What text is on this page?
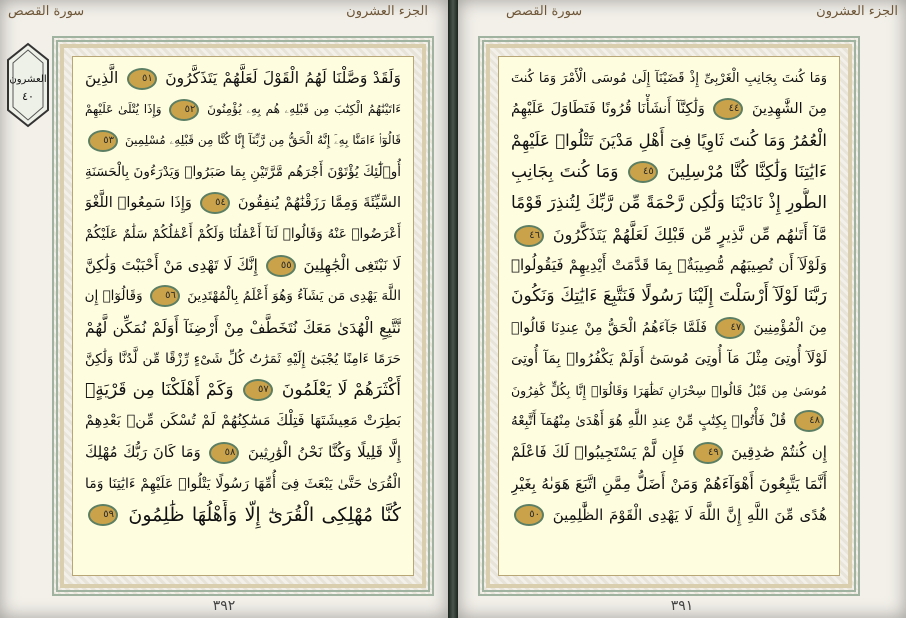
سورة القصص	الجزء العشرون
العشرون
٤٠
وَلَقَدْ وَصَّلْنَا لَهُمُ الْقَوْلَ لَعَلَّهُمْ يَتَذَكَّرُونَ ٥١ الَّذِينَ
ءَاتَيْنَٰهُمُ الْكِتَٰبَ مِن قَبْلِهِۦ هُم بِهِۦ يُؤْمِنُونَ ٥٢ وَإِذَا يُتْلَىٰ عَلَيْهِمْ
قَالُوٓا۟ ءَامَنَّا بِهِۦٓ إِنَّهُ الْحَقُّ مِن رَّبِّنَآ إِنَّا كُنَّا مِن قَبْلِهِۦ مُسْلِمِينَ ٥٣
أُو۟لَٰٓئِكَ يُؤْتَوْنَ أَجْرَهُم مَّرَّتَيْنِ بِمَا صَبَرُوا۟ وَيَدْرَءُونَ بِالْحَسَنَةِ
السَّيِّئَةَ وَمِمَّا رَزَقْنَٰهُمْ يُنفِقُونَ ٥٤ وَإِذَا سَمِعُوا۟ اللَّغْوَ
أَعْرَضُوا۟ عَنْهُ وَقَالُوا۟ لَنَآ أَعْمَٰلُنَا وَلَكُمْ أَعْمَٰلُكُمْ سَلَٰمٌ عَلَيْكُمْ
لَا نَبْتَغِى الْجَٰهِلِينَ ٥٥ إِنَّكَ لَا تَهْدِى مَنْ أَحْبَبْتَ وَلَٰكِنَّ
اللَّهَ يَهْدِى مَن يَشَآءُ وَهُوَ أَعْلَمُ بِالْمُهْتَدِينَ ٥٦ وَقَالُوٓا۟ إِن
نَّتَّبِعِ الْهُدَىٰ مَعَكَ نُتَخَطَّفْ مِنْ أَرْضِنَآ أَوَلَمْ نُمَكِّن لَّهُمْ
حَرَمًا ءَامِنًا يُجْبَىٰٓ إِلَيْهِ ثَمَرَٰتُ كُلِّ شَىْءٍ رِّزْقًا مِّن لَّدُنَّا وَلَٰكِنَّ
أَكْثَرَهُمْ لَا يَعْلَمُونَ ٥٧ وَكَمْ أَهْلَكْنَا مِن قَرْيَةٍۭ
بَطِرَتْ مَعِيشَتَهَا فَتِلْكَ مَسَٰكِنُهُمْ لَمْ تُسْكَن مِّنۢ بَعْدِهِمْ
إِلَّا قَلِيلًا وَكُنَّا نَحْنُ الْوَٰرِثِينَ ٥٨ وَمَا كَانَ رَبُّكَ مُهْلِكَ
الْقُرَىٰ حَتَّىٰ يَبْعَثَ فِىٓ أُمِّهَا رَسُولًا يَتْلُوا۟ عَلَيْهِمْ ءَايَٰتِنَا وَمَا
كُنَّا مُهْلِكِى الْقُرَىٰٓ إِلَّا وَأَهْلُهَا ظَٰلِمُونَ ٥٩
٣٩٢
سورة القصص	الجزء العشرون
وَمَا كُنتَ بِجَانِبِ الْغَرْبِىِّ إِذْ قَضَيْنَآ إِلَىٰ مُوسَى الْأَمْرَ وَمَا كُنتَ
مِنَ الشَّٰهِدِينَ ٤٤ وَلَٰكِنَّآ أَنشَأْنَا قُرُونًا فَتَطَاوَلَ عَلَيْهِمُ
الْعُمُرُ وَمَا كُنتَ ثَاوِيًا فِىٓ أَهْلِ مَدْيَنَ تَتْلُوا۟ عَلَيْهِمْ
ءَايَٰتِنَا وَلَٰكِنَّا كُنَّا مُرْسِلِينَ ٤٥ وَمَا كُنتَ بِجَانِبِ
الطُّورِ إِذْ نَادَيْنَا وَلَٰكِن رَّحْمَةً مِّن رَّبِّكَ لِتُنذِرَ قَوْمًا
مَّآ أَتَىٰهُم مِّن نَّذِيرٍ مِّن قَبْلِكَ لَعَلَّهُمْ يَتَذَكَّرُونَ ٤٦
وَلَوْلَآ أَن تُصِيبَهُم مُّصِيبَةٌۢ بِمَا قَدَّمَتْ أَيْدِيهِمْ فَيَقُولُوا۟
رَبَّنَا لَوْلَآ أَرْسَلْتَ إِلَيْنَا رَسُولًا فَنَتَّبِعَ ءَايَٰتِكَ وَنَكُونَ
مِنَ الْمُؤْمِنِينَ ٤٧ فَلَمَّا جَآءَهُمُ الْحَقُّ مِنْ عِندِنَا قَالُوا۟
لَوْلَآ أُوتِىَ مِثْلَ مَآ أُوتِىَ مُوسَىٰٓ أَوَلَمْ يَكْفُرُوا۟ بِمَآ أُوتِىَ
مُوسَىٰ مِن قَبْلُ قَالُوا۟ سِحْرَانِ تَظَٰهَرَا وَقَالُوٓا۟ إِنَّا بِكُلٍّ كَٰفِرُونَ
٤٨ قُلْ فَأْتُوا۟ بِكِتَٰبٍ مِّنْ عِندِ اللَّهِ هُوَ أَهْدَىٰ مِنْهُمَآ أَتَّبِعْهُ
إِن كُنتُمْ صَٰدِقِينَ ٤٩ فَإِن لَّمْ يَسْتَجِيبُوا۟ لَكَ فَاعْلَمْ
أَنَّمَا يَتَّبِعُونَ أَهْوَآءَهُمْ وَمَنْ أَضَلُّ مِمَّنِ اتَّبَعَ هَوَىٰهُ بِغَيْرِ
هُدًى مِّنَ اللَّهِ إِنَّ اللَّهَ لَا يَهْدِى الْقَوْمَ الظَّٰلِمِينَ ٥٠
٣٩١
